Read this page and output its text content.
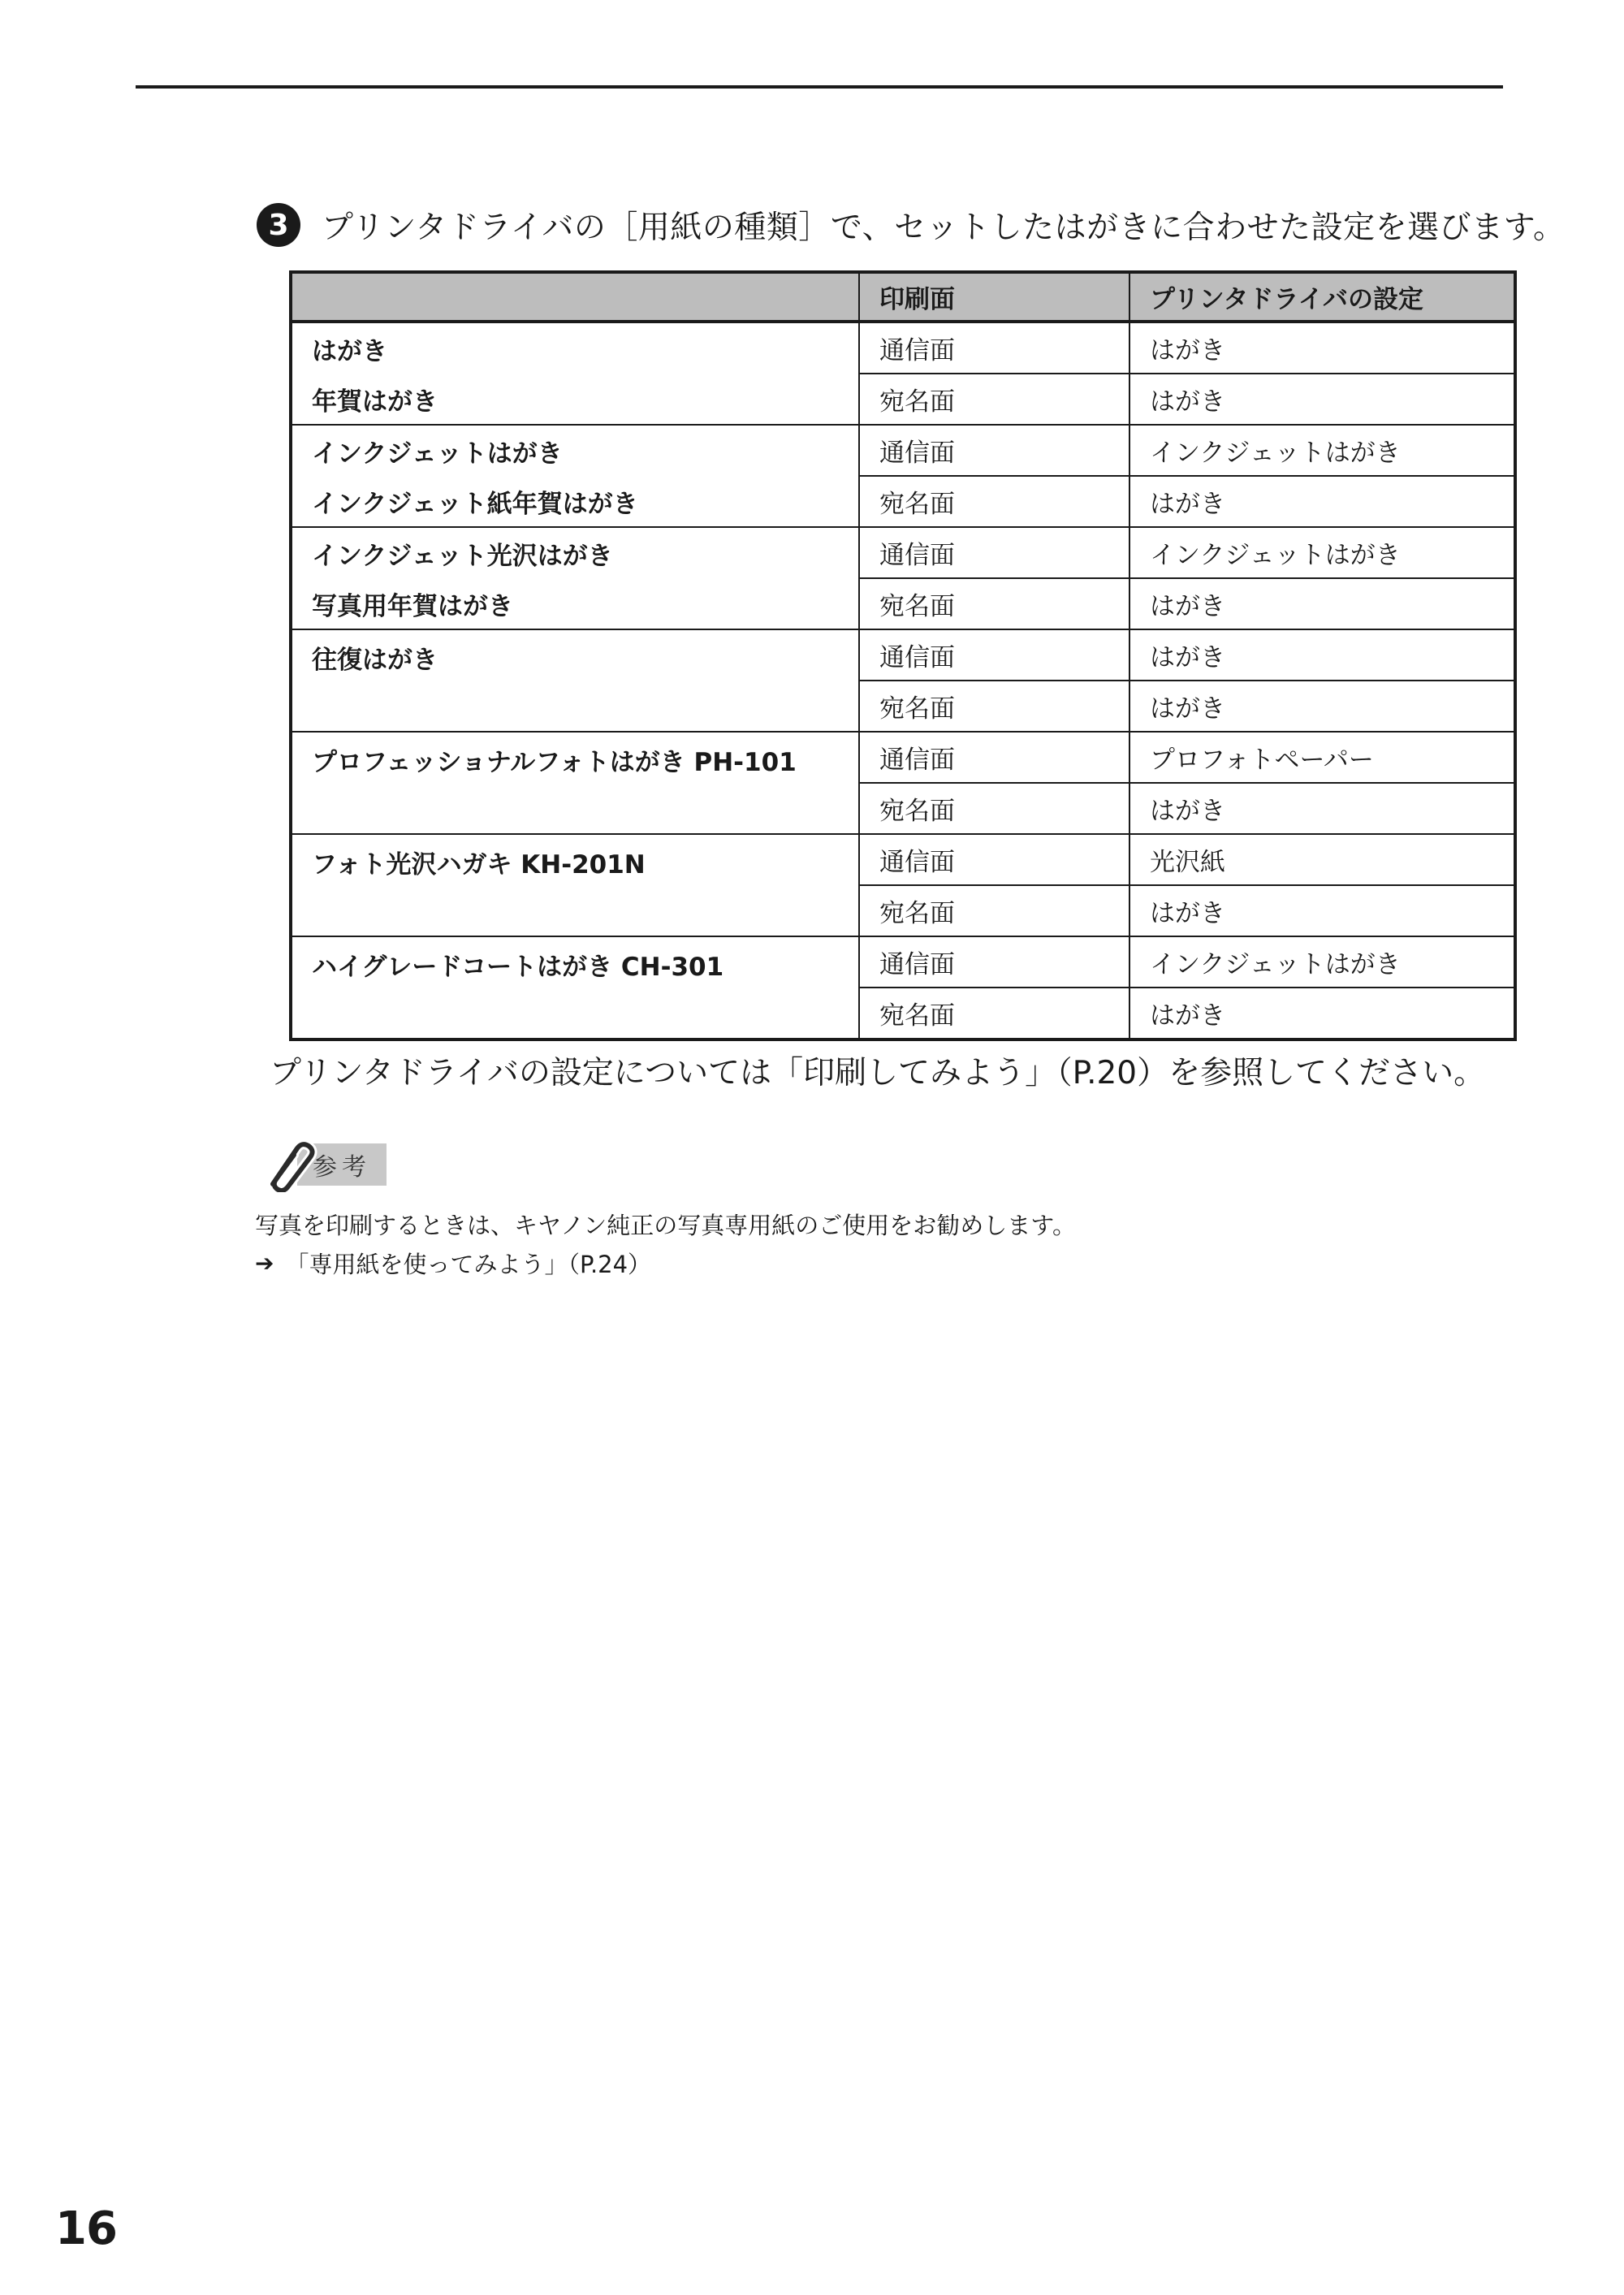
3	プリンタドライバの［用紙の種類］で、セットしたはがきに合わせた設定を選びます。
	印刷面	プリンタドライバの設定
はがき	通信面	はがき
年賀はがき	宛名面	はがき
インクジェットはがき	通信面	インクジェットはがき
インクジェット紙年賀はがき	宛名面	はがき
インクジェット光沢はがき	通信面	インクジェットはがき
写真用年賀はがき	宛名面	はがき
往復はがき	通信面	はがき
	宛名面	はがき
プロフェッショナルフォトはがき PH-101	通信面	プロフォトペーパー
	宛名面	はがき
フォト光沢ハガキ KH-201N	通信面	光沢紙
	宛名面	はがき
ハイグレードコートはがき CH-301	通信面	インクジェットはがき
	宛名面	はがき
プリンタドライバの設定については「印刷してみよう」（P.20）を参照してください。
参考
写真を印刷するときは、キヤノン純正の写真専用紙のご使用をお勧めします。
➔ 「専用紙を使ってみよう」（P.24）
16
